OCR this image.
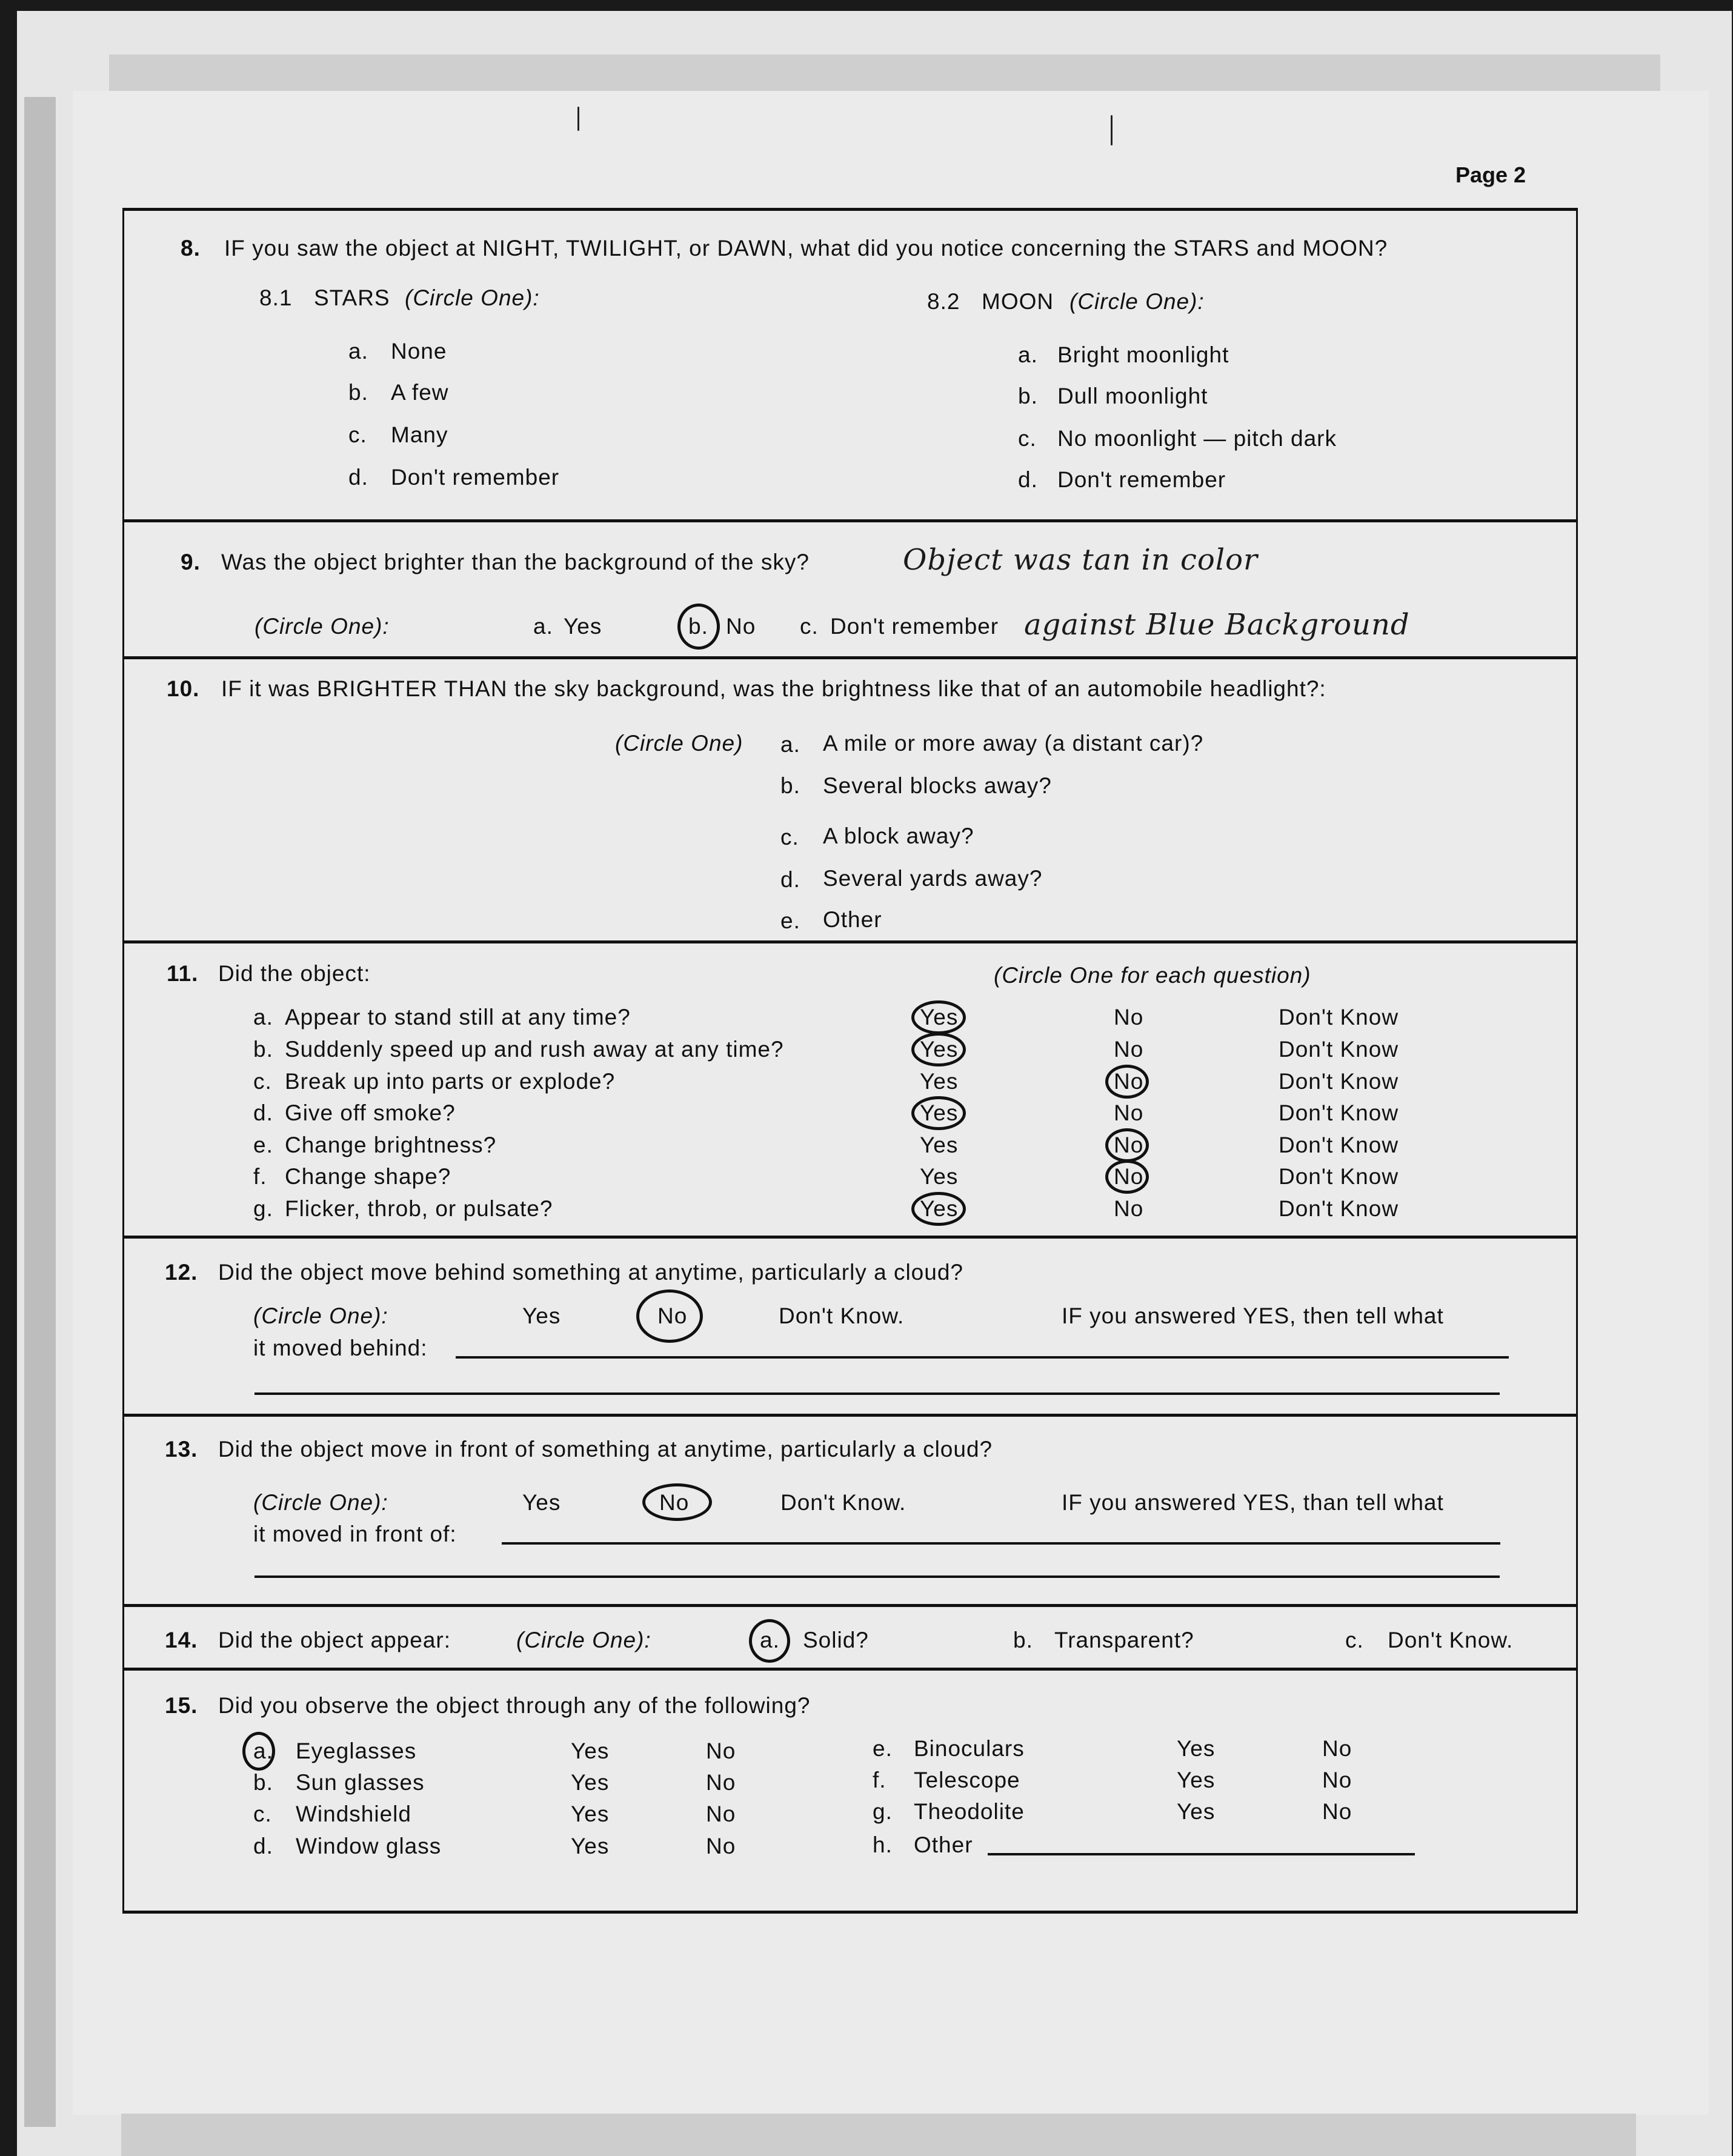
Page 2
8. IF you saw the object at NIGHT, TWILIGHT, or DAWN, what did you notice concerning the STARS and MOON?
8.1 STARS (Circle One):	8.2 MOON (Circle One):
a. None
b. A few
c. Many
d. Don't remember
a. Bright moonlight
b. Dull moonlight
c. No moonlight — pitch dark
d. Don't remember
9. Was the object brighter than the background of the sky?	Object was tan in color
(Circle One):	a. Yes	b. No c. Don't remember against Blue Background
10. IF it was BRIGHTER THAN the sky background, was the brightness like that of an automobile headlight?:
(Circle One) a. A mile or more away (a distant car)?
b. Several blocks away?
c. A block away?
d. Several yards away?
e. Other
11. Did the object:	(Circle One for each question)
a. Appear to stand still at any time?	Yes	No	Don't Know
b. Suddenly speed up and rush away at any time?	Yes	No	Don't Know
c. Break up into parts or explode?	Yes	No	Don't Know
d. Give off smoke?	Yes	No	Don't Know
e. Change brightness?	Yes	No	Don't Know
f. Change shape?	Yes	No	Don't Know
g. Flicker, throb, or pulsate?	Yes	No	Don't Know
12. Did the object move behind something at anytime, particularly a cloud?
(Circle One):	Yes	No	Don't Know.	IF you answered YES, then tell what
it moved behind:
13. Did the object move in front of something at anytime, particularly a cloud?
(Circle One):	Yes	No	Don't Know.	IF you answered YES, than tell what
it moved in front of:
14. Did the object appear:	(Circle One):	a. Solid?	b. Transparent?	c. Don't Know.
15. Did you observe the object through any of the following?
a. Eyeglasses	Yes	No
b. Sun glasses	Yes	No
c. Windshield	Yes	No
d. Window glass	Yes	No
e. Binoculars	Yes	No
f. Telescope	Yes	No
g. Theodolite	Yes	No
h. Other
